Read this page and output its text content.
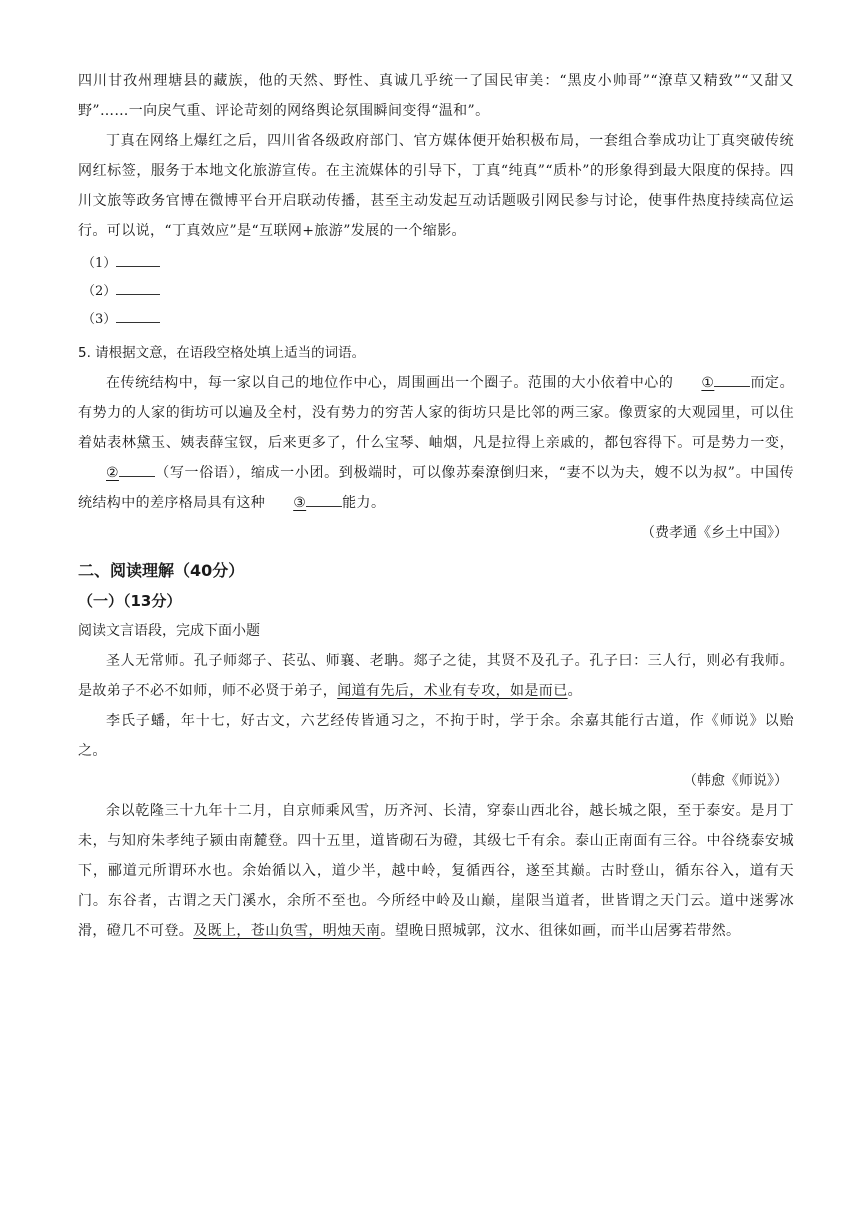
四川甘孜州理塘县的藏族，他的天然、野性、真诚几乎统一了国民审美：“黑皮小帅哥”“潦草又精致”“又甜又野”……一向戾气重、评论苛刻的网络舆论氛围瞬间变得“温和”。

丁真在网络上爆红之后，四川省各级政府部门、官方媒体便开始积极布局，一套组合拳成功让丁真突破传统网红标签，服务于本地文化旅游宣传。在主流媒体的引导下，丁真“纯真”“质朴”的形象得到最大限度的保持。四川文旅等政务官博在微博平台开启联动传播，甚至主动发起互动话题吸引网民参与讨论，使事件热度持续高位运行。可以说，“丁真效应”是“互联网+旅游”发展的一个缩影。

（1）

（2）

（3）

5. 请根据文意，在语段空格处填上适当的词语。

在传统结构中，每一家以自己的地位作中心，周围画出一个圈子。范围的大小依着中心的 ①	而定。有势力的人家的街坊可以遍及全村，没有势力的穷苦人家的街坊只是比邻的两三家。像贾家的大观园里，可以住着姑表林黛玉、姨表薛宝钗，后来更多了，什么宝琴、岫烟，凡是拉得上亲戚的，都包容得下。可是势力一变，②	（写一俗语），缩成一小团。到极端时，可以像苏秦潦倒归来，“妻不以为夫，嫂不以为叔”。中国传统结构中的差序格局具有这种 ③	能力。

（费孝通《乡土中国》）

二、阅读理解（40分）

（一）（13分）

阅读文言语段，完成下面小题

圣人无常师。孔子师郯子、苌弘、师襄、老聃。郯子之徒，其贤不及孔子。孔子曰：三人行，则必有我师。是故弟子不必不如师，师不必贤于弟子，闻道有先后，术业有专攻，如是而已。

李氏子蟠，年十七，好古文，六艺经传皆通习之，不拘于时，学于余。余嘉其能行古道，作《师说》以贻之。

（韩愈《师说》）

余以乾隆三十九年十二月，自京师乘风雪，历齐河、长清，穿泰山西北谷，越长城之限，至于泰安。是月丁未，与知府朱孝纯子颍由南麓登。四十五里，道皆砌石为磴，其级七千有余。泰山正南面有三谷。中谷绕泰安城下，郦道元所谓环水也。余始循以入，道少半，越中岭，复循西谷，遂至其巅。古时登山，循东谷入，道有天门。东谷者，古谓之天门溪水，余所不至也。今所经中岭及山巅，崖限当道者，世皆谓之天门云。道中迷雾冰滑，磴几不可登。及既上，苍山负雪，明烛天南。望晚日照城郭，汶水、徂徕如画，而半山居雾若带然。
